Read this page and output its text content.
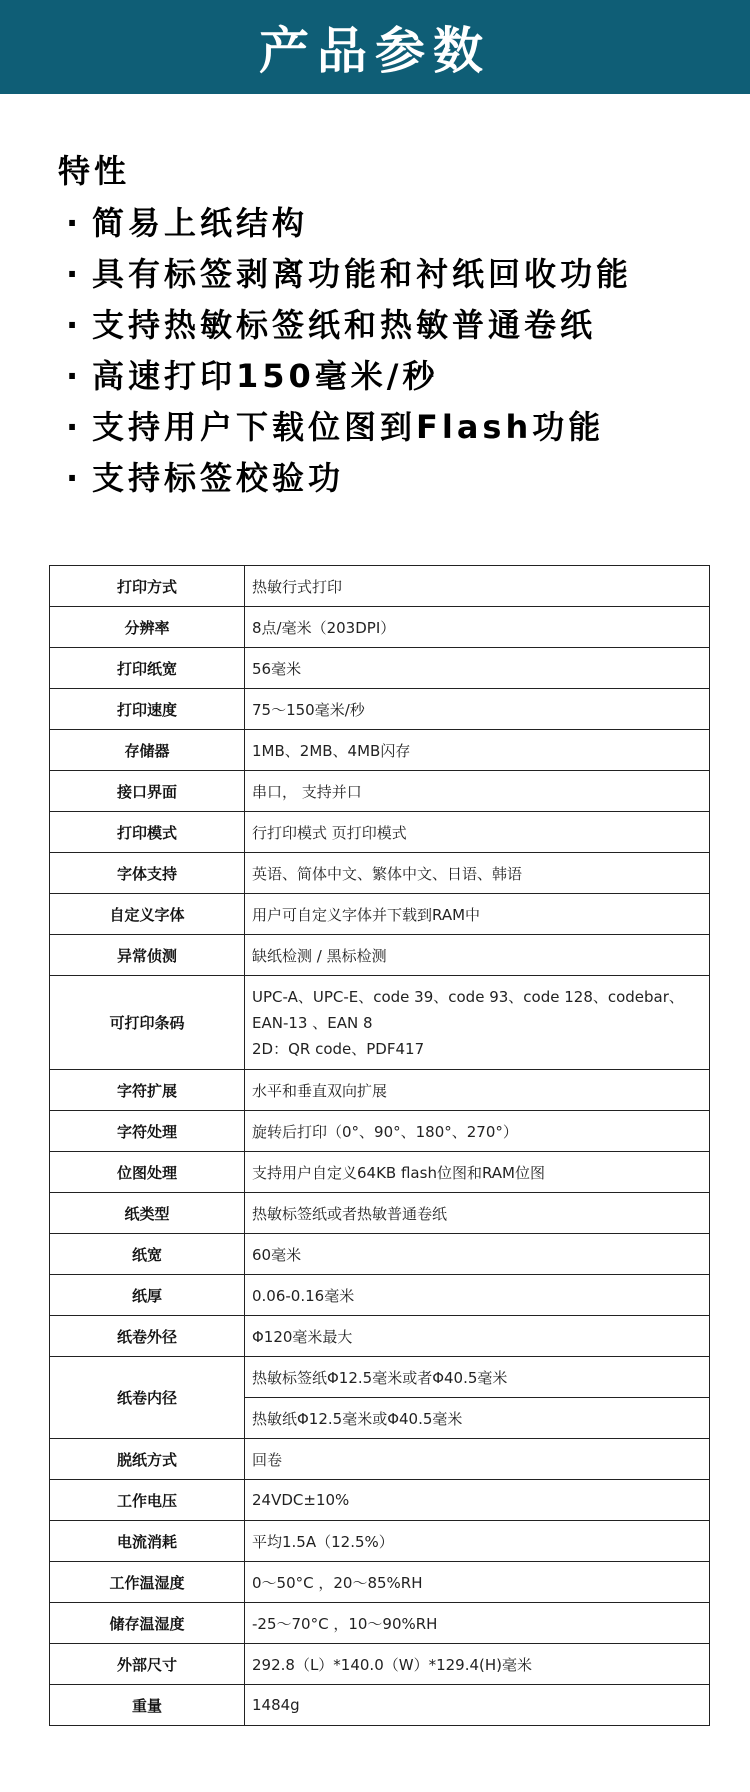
产品参数
特性
· 简易上纸结构
· 具有标签剥离功能和衬纸回收功能
· 支持热敏标签纸和热敏普通卷纸
· 高速打印150毫米/秒
· 支持用户下载位图到Flash功能
· 支持标签校验功
打印方式	热敏行式打印
分辨率	8点/毫米（203DPI）
打印纸宽	56毫米
打印速度	75～150毫米/秒
存储器	1MB、2MB、4MB闪存
接口界面	串口， 支持并口
打印模式	行打印模式 页打印模式
字体支持	英语、简体中文、繁体中文、日语、韩语
自定义字体	用户可自定义字体并下载到RAM中
异常侦测	缺纸检测 / 黑标检测
可打印条码	UPC-A、UPC-E、code 39、code 93、code 128、codebar、
EAN-13 、EAN 8
2D：QR code、PDF417

字符扩展	水平和垂直双向扩展
字符处理	旋转后打印（0°、90°、180°、270°）
位图处理	支持用户自定义64KB flash位图和RAM位图
纸类型	热敏标签纸或者热敏普通卷纸
纸宽	60毫米
纸厚	0.06-0.16毫米
纸卷外径	Φ120毫米最大
纸卷内径	热敏标签纸Φ12.5毫米或者Φ40.5毫米
	热敏纸Φ12.5毫米或Φ40.5毫米
脱纸方式	回卷
工作电压	24VDC±10%
电流消耗	平均1.5A（12.5%）
工作温湿度	0～50°C ，20～85%RH
储存温湿度	-25～70°C ，10～90%RH
外部尺寸	292.8（L）*140.0（W）*129.4(H)毫米
重量	1484g
